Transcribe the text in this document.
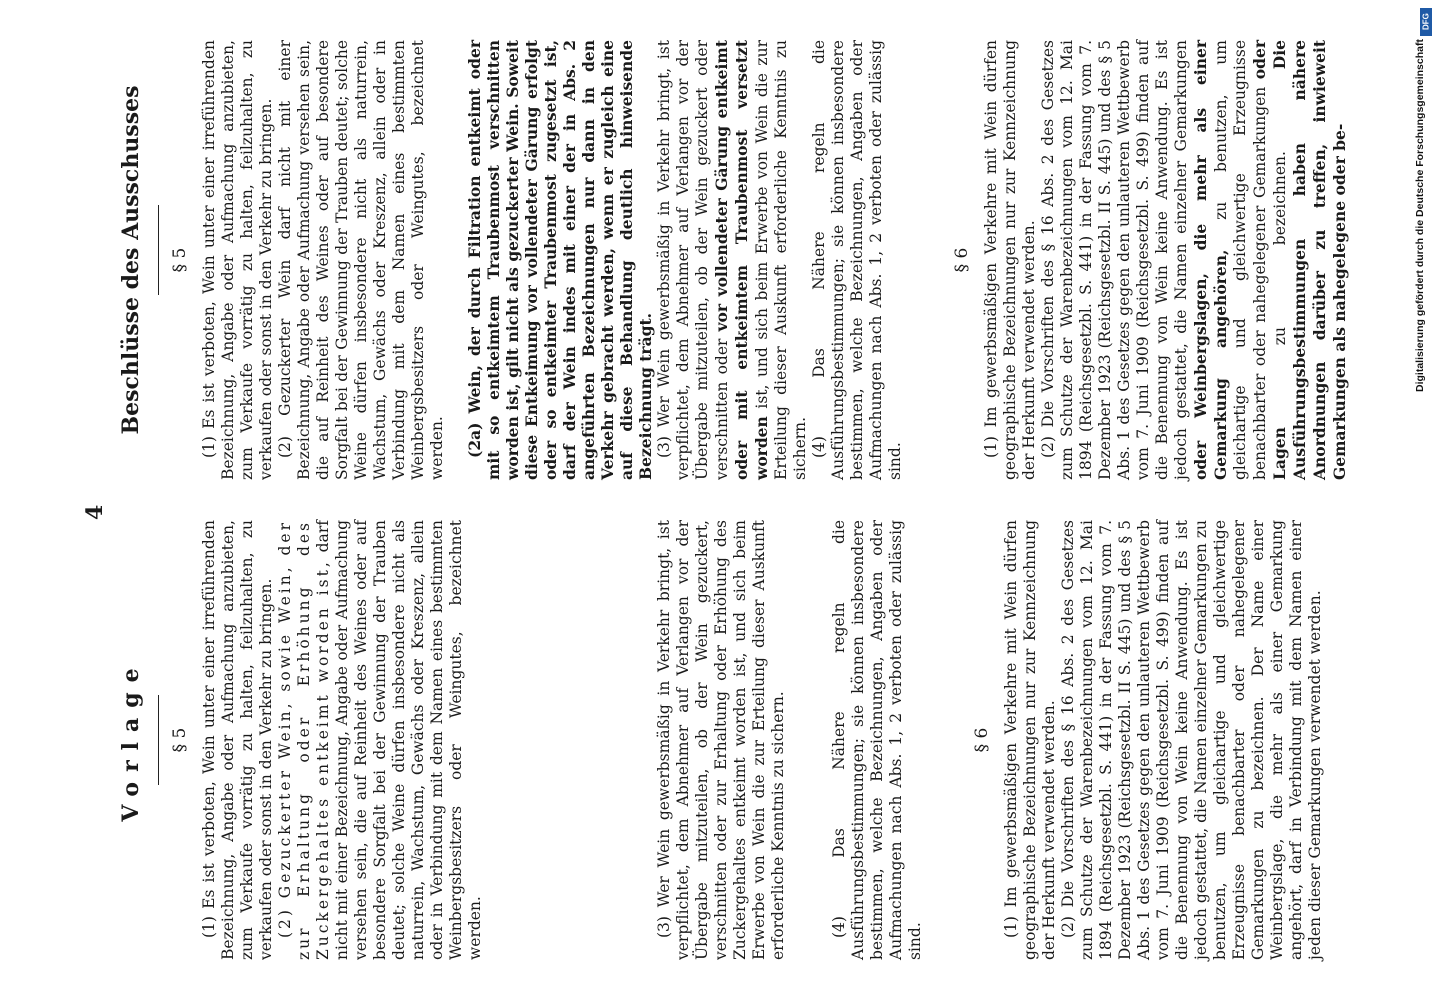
4
Vorlage
Beschlüsse des Ausschusses
§ 5 (1) Es ist verboten, Wein unter einer irreführenden Bezeichnung, Angabe oder Aufmachung anzubieten, zum Verkaufe vorrätig zu halten, feilzuhalten, zu verkaufen oder sonst in den Verkehr zu bringen. (2) Gezuckerter Wein, sowie Wein, der zur Erhaltung oder Erhöhung des Zuckergehaltes entkeimt worden ist, darf nicht mit einer Bezeichnung, Angabe oder Aufmachung versehen sein, die auf Reinheit des Weines oder auf besondere Sorgfalt bei der Gewinnung der Trauben deutet; solche Weine dürfen insbesondere nicht als naturrein, Wachstum, Gewächs oder Kreszenz, allein oder in Verbindung mit dem Namen eines bestimmten Weinbergsbesitzers oder Weingutes, bezeichnet werden.	(3) Wer Wein gewerbsmäßig in Verkehr bringt, ist verpflichtet, dem Abnehmer auf Verlangen vor der Übergabe mitzuteilen, ob der Wein gezuckert, verschnitten oder zur Erhaltung oder Erhöhung des Zuckergehaltes entkeimt worden ist, und sich beim Erwerbe von Wein die zur Erteilung dieser Auskunft erforderliche Kenntnis zu sichern.	(4) Das Nähere regeln die Ausführungsbestimmungen; sie können insbesondere bestimmen, welche Bezeichnungen, Angaben oder Aufmachungen nach Abs. 1, 2 verboten oder zulässig sind.

§ 6 (1) Im gewerbsmäßigen Verkehre mit Wein dürfen geographische Bezeichnungen nur zur Kennzeichnung der Herkunft verwendet werden. (2) Die Vorschriften des § 16 Abs. 2 des Gesetzes zum Schutze der Warenbezeichnungen vom 12. Mai 1894 (Reichsgesetzbl. S. 441) in der Fassung vom 7. Dezember 1923 (Reichsgesetzbl. II S. 445) und des § 5 Abs. 1 des Gesetzes gegen den unlauteren Wettbewerb vom 7. Juni 1909 (Reichsgesetzbl. S. 499) finden auf die Benennung von Wein keine Anwendung. Es ist jedoch gestattet, die Namen einzelner Gemarkungen zu benutzen, um gleichartige und gleichwertige Erzeugnisse benachbarter oder nahegelegener Gemarkungen zu bezeichnen. Der Name einer Weinbergslage, die mehr als einer Gemarkung angehört, darf in Verbindung mit dem Namen einer jeden dieser Gemarkungen verwendet werden.

§ 5 (1) Es ist verboten, Wein unter einer irreführenden Bezeichnung, Angabe oder Aufmachung anzubieten, zum Verkaufe vorrätig zu halten, feilzuhalten, zu verkaufen oder sonst in den Verkehr zu bringen. (2) Gezuckerter Wein darf nicht mit einer Bezeichnung, Angabe oder Aufmachung versehen sein, die auf Reinheit des Weines oder auf besondere Sorgfalt bei der Gewinnung der Trauben deutet; solche Weine dürfen insbesondere nicht als naturrein, Wachstum, Gewächs oder Kreszenz, allein oder in Verbindung mit dem Namen eines bestimmten Weinbergsbesitzers oder Weingutes, bezeichnet werden. (2a) Wein, der durch Filtration entkeimt oder mit so entkeimtem Traubenmost verschnitten worden ist, gilt nicht als gezuckerter Wein. Soweit diese Entkeimung vor vollendeter Gärung erfolgt oder so entkeimter Traubenmost zugesetzt ist, darf der Wein indes mit einer der in Abs. 2 angeführten Bezeichnungen nur dann in den Verkehr gebracht werden, wenn er zugleich eine auf diese Behandlung deutlich hinweisende Bezeichnung trägt. (3) Wer Wein gewerbsmäßig in Verkehr bringt, ist verpflichtet, dem Abnehmer auf Verlangen vor der Übergabe mitzuteilen, ob der Wein gezuckert oder verschnitten oder vor vollendeter Gärung entkeimt oder mit entkeimtem Traubenmost versetzt worden ist, und sich beim Erwerbe von Wein die zur Erteilung dieser Auskunft erforderliche Kenntnis zu sichern. (4) Das Nähere regeln die Ausführungsbestimmungen; sie können insbesondere bestimmen, welche Bezeichnungen, Angaben oder Aufmachungen nach Abs. 1, 2 verboten oder zulässig sind.

§ 6 (1) Im gewerbsmäßigen Verkehre mit Wein dürfen geographische Bezeichnungen nur zur Kennzeichnung der Herkunft verwendet werden. (2) Die Vorschriften des § 16 Abs. 2 des Gesetzes zum Schutze der Warenbezeichnungen vom 12. Mai 1894 (Reichsgesetzbl. S. 441) in der Fassung vom 7. Dezember 1923 (Reichsgesetzbl. II S. 445) und des § 5 Abs. 1 des Gesetzes gegen den unlauteren Wettbewerb vom 7. Juni 1909 (Reichsgesetzbl. S. 499) finden auf die Benennung von Wein keine Anwendung. Es ist jedoch gestattet, die Namen einzelner Gemarkungen oder Weinbergslagen, die mehr als einer Gemarkung angehören, zu benutzen, um gleichartige und gleichwertige Erzeugnisse benachbarter oder nahegelegener Gemarkungen oder Lagen zu bezeichnen. Die Ausführungsbestimmungen haben nähere Anordnungen darüber zu treffen, inwieweit Gemarkungen als nahegelegene oder be-	Digitalisierung gefördert durch die Deutsche Forschungsgemeinschaft
DFG
